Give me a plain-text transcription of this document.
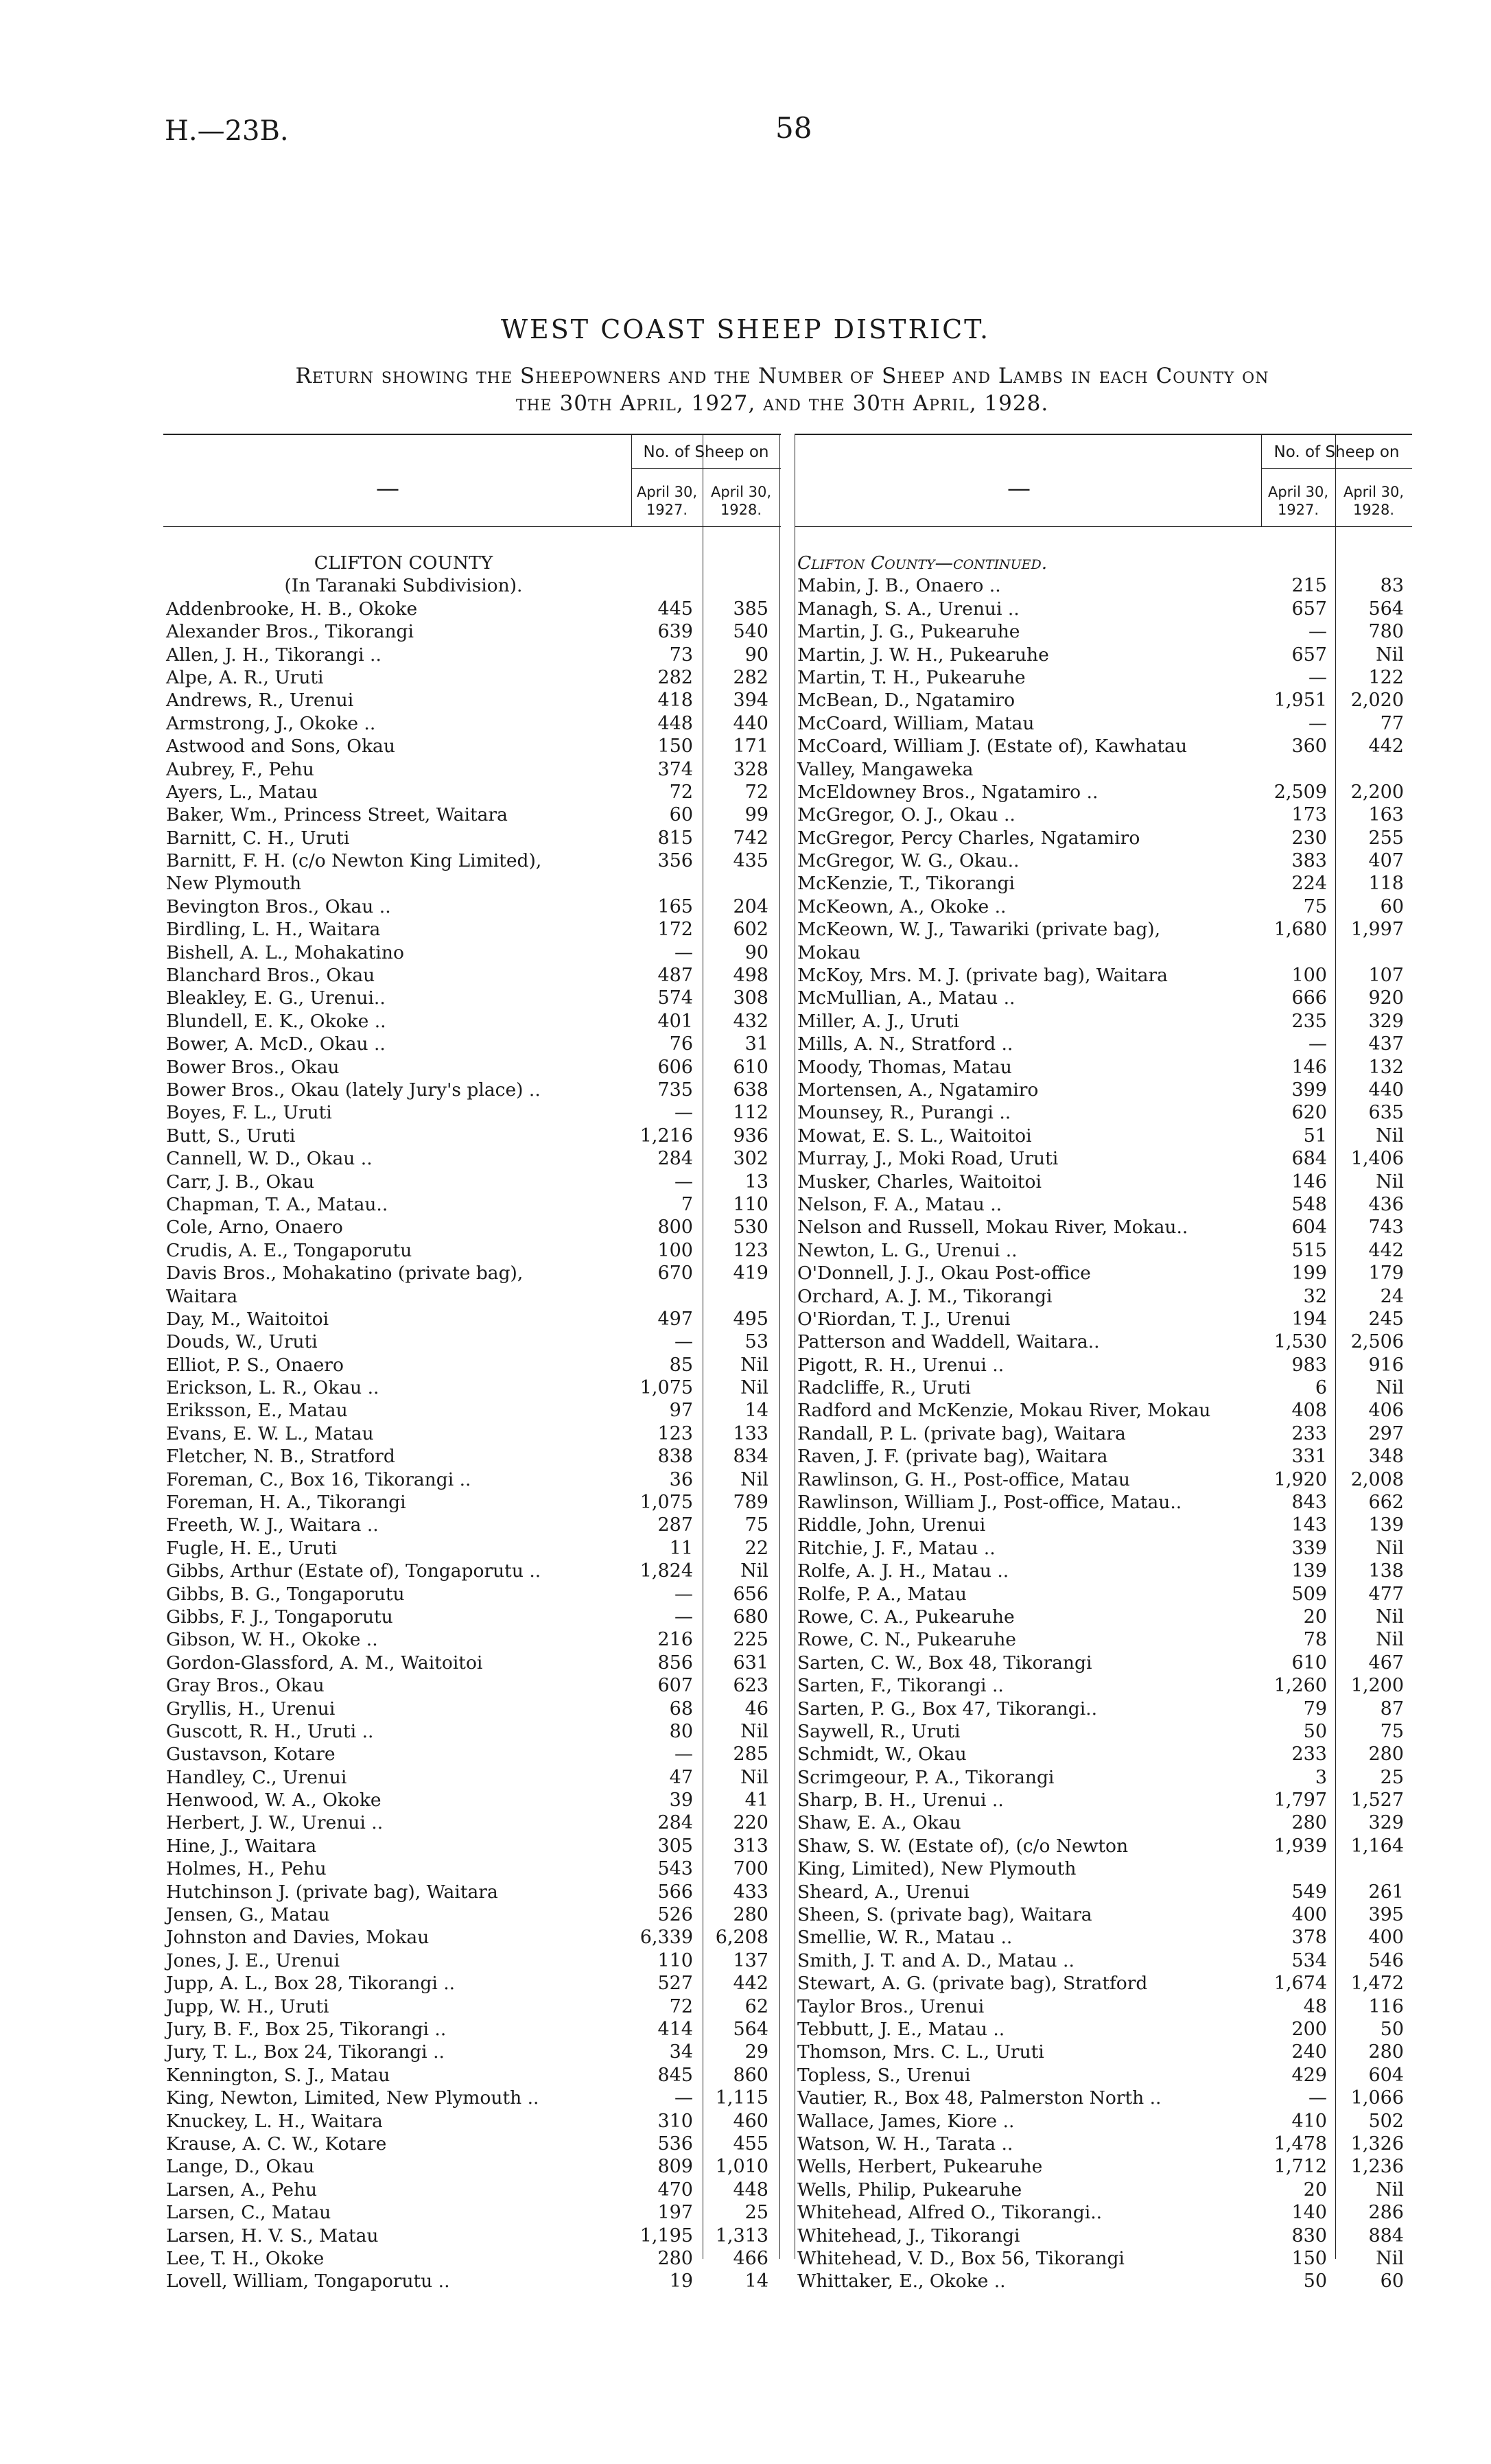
H.—23B.	58
WEST COAST SHEEP DISTRICT.
Return showing the Sheepowners and the Number of Sheep and Lambs in each County on
the 30th April, 1927, and the 30th April, 1928.
—
No. of Sheep on
April 30,
1927.
April 30,
1928.
CLIFTON COUNTY
(In Taranaki Subdivision).
Addenbrooke, H. B., Okoke	445 385
Alexander Bros., Tikorangi	639 540
Allen, J. H., Tikorangi ..	73	90
Alpe, A. R., Uruti	282 282
Andrews, R., Urenui	418 394
Armstrong, J., Okoke ..	448 440
Astwood and Sons, Okau	150 171
Aubrey, F., Pehu	374 328
Ayers, L., Matau	72	72
Baker, Wm., Princess Street, Waitara	60	99
Barnitt, C. H., Uruti	815 742
Barnitt, F. H. (c/o Newton King Limited),	356 435
New Plymouth
Bevington Bros., Okau ..	165 204
Birdling, L. H., Waitara	172 602
Bishell, A. L., Mohakatino	—	90
Blanchard Bros., Okau	487 498
Bleakley, E. G., Urenui..	574 308
Blundell, E. K., Okoke ..	401 432
Bower, A. McD., Okau ..	76	31
Bower Bros., Okau	606 610
Bower Bros., Okau (lately Jury's place) ..	735 638
Boyes, F. L., Uruti	— 112
Butt, S., Uruti	1,216 936
Cannell, W. D., Okau ..	284 302
Carr, J. B., Okau	—	13
Chapman, T. A., Matau..	7 110
Cole, Arno, Onaero	800 530
Crudis, A. E., Tongaporutu	100 123
Davis Bros., Mohakatino (private bag),	670 419
Waitara
Day, M., Waitoitoi	497 495
Douds, W., Uruti	—	53
Elliot, P. S., Onaero	85	Nil
Erickson, L. R., Okau ..	1,075	Nil
Eriksson, E., Matau	97	14
Evans, E. W. L., Matau	123 133
Fletcher, N. B., Stratford	838 834
Foreman, C., Box 16, Tikorangi ..	36	Nil
Foreman, H. A., Tikorangi	1,075 789
Freeth, W. J., Waitara ..	287	75
Fugle, H. E., Uruti	11	22
Gibbs, Arthur (Estate of), Tongaporutu ..	1,824	Nil
Gibbs, B. G., Tongaporutu	— 656
Gibbs, F. J., Tongaporutu	— 680
Gibson, W. H., Okoke ..	216 225
Gordon-Glassford, A. M., Waitoitoi	856 631
Gray Bros., Okau	607 623
Gryllis, H., Urenui	68	46
Guscott, R. H., Uruti ..	80	Nil
Gustavson, Kotare	— 285
Handley, C., Urenui	47	Nil
Henwood, W. A., Okoke	39	41
Herbert, J. W., Urenui ..	284 220
Hine, J., Waitara	305 313
Holmes, H., Pehu	543 700
Hutchinson J. (private bag), Waitara	566 433
Jensen, G., Matau	526 280
Johnston and Davies, Mokau	6,339 6,208
Jones, J. E., Urenui	110 137
Jupp, A. L., Box 28, Tikorangi ..	527 442
Jupp, W. H., Uruti	72	62
Jury, B. F., Box 25, Tikorangi ..	414 564
Jury, T. L., Box 24, Tikorangi ..	34	29
Kennington, S. J., Matau	845 860
King, Newton, Limited, New Plymouth ..	— 1,115
Knuckey, L. H., Waitara	310 460
Krause, A. C. W., Kotare	536 455
Lange, D., Okau	809 1,010
Larsen, A., Pehu	470 448
Larsen, C., Matau	197	25
Larsen, H. V. S., Matau	1,195 1,313
Lee, T. H., Okoke	280 466
Lovell, William, Tongaporutu ..	19	14
—
No. of Sheep on
April 30,
1927.
April 30,
1928.
Clifton County—continued.
Mabin, J. B., Onaero ..	215	83
Managh, S. A., Urenui ..	657 564
Martin, J. G., Pukearuhe	— 780
Martin, J. W. H., Pukearuhe	657	Nil
Martin, T. H., Pukearuhe	— 122
McBean, D., Ngatamiro	1,951 2,020
McCoard, William, Matau	—	77
McCoard, William J. (Estate of), Kawhatau	360 442
Valley, Mangaweka
McEldowney Bros., Ngatamiro ..	2,509 2,200
McGregor, O. J., Okau ..	173 163
McGregor, Percy Charles, Ngatamiro	230 255
McGregor, W. G., Okau..	383 407
McKenzie, T., Tikorangi	224 118
McKeown, A., Okoke ..	75	60
McKeown, W. J., Tawariki (private bag),	1,680 1,997
Mokau
McKoy, Mrs. M. J. (private bag), Waitara	100 107
McMullian, A., Matau ..	666 920
Miller, A. J., Uruti	235 329
Mills, A. N., Stratford ..	— 437
Moody, Thomas, Matau	146 132
Mortensen, A., Ngatamiro	399 440
Mounsey, R., Purangi ..	620 635
Mowat, E. S. L., Waitoitoi	51	Nil
Murray, J., Moki Road, Uruti	684 1,406
Musker, Charles, Waitoitoi	146	Nil
Nelson, F. A., Matau ..	548 436
Nelson and Russell, Mokau River, Mokau..	604 743
Newton, L. G., Urenui ..	515 442
O'Donnell, J. J., Okau Post-office	199 179
Orchard, A. J. M., Tikorangi	32	24
O'Riordan, T. J., Urenui	194 245
Patterson and Waddell, Waitara..	1,530 2,506
Pigott, R. H., Urenui ..	983 916
Radcliffe, R., Uruti	6	Nil
Radford and McKenzie, Mokau River, Mokau	408 406
Randall, P. L. (private bag), Waitara	233 297
Raven, J. F. (private bag), Waitara	331 348
Rawlinson, G. H., Post-office, Matau	1,920 2,008
Rawlinson, William J., Post-office, Matau..	843 662
Riddle, John, Urenui	143 139
Ritchie, J. F., Matau ..	339	Nil
Rolfe, A. J. H., Matau ..	139 138
Rolfe, P. A., Matau	509 477
Rowe, C. A., Pukearuhe	20	Nil
Rowe, C. N., Pukearuhe	78	Nil
Sarten, C. W., Box 48, Tikorangi	610 467
Sarten, F., Tikorangi ..	1,260 1,200
Sarten, P. G., Box 47, Tikorangi..	79	87
Saywell, R., Uruti	50	75
Schmidt, W., Okau	233 280
Scrimgeour, P. A., Tikorangi	3	25
Sharp, B. H., Urenui ..	1,797 1,527
Shaw, E. A., Okau	280 329
Shaw, S. W. (Estate of), (c/o Newton	1,939 1,164
King, Limited), New Plymouth
Sheard, A., Urenui	549 261
Sheen, S. (private bag), Waitara	400 395
Smellie, W. R., Matau ..	378 400
Smith, J. T. and A. D., Matau ..	534 546
Stewart, A. G. (private bag), Stratford	1,674 1,472
Taylor Bros., Urenui	48 116
Tebbutt, J. E., Matau ..	200	50
Thomson, Mrs. C. L., Uruti	240 280
Topless, S., Urenui	429 604
Vautier, R., Box 48, Palmerston North ..	— 1,066
Wallace, James, Kiore ..	410 502
Watson, W. H., Tarata ..	1,478 1,326
Wells, Herbert, Pukearuhe	1,712 1,236
Wells, Philip, Pukearuhe	20	Nil
Whitehead, Alfred O., Tikorangi..	140 286
Whitehead, J., Tikorangi	830 884
Whitehead, V. D., Box 56, Tikorangi	150	Nil
Whittaker, E., Okoke ..	50	60
